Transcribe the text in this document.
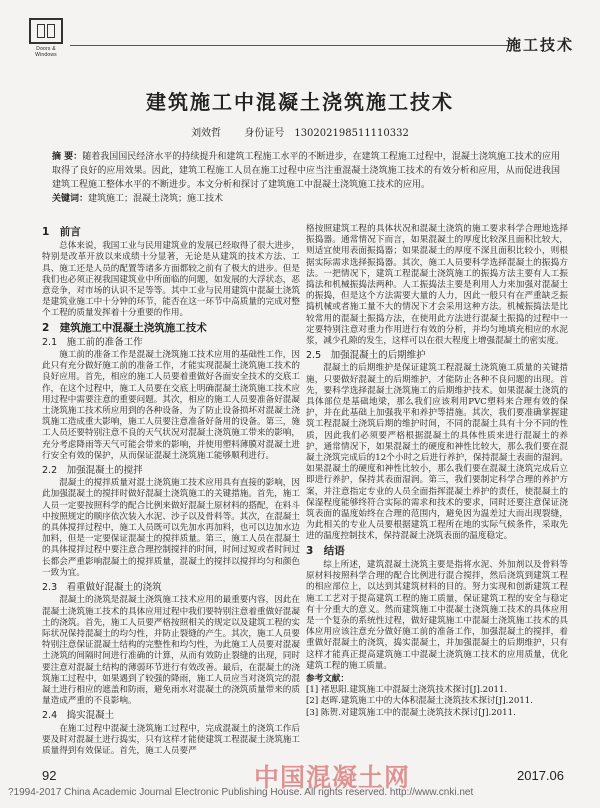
Doors & Windows
施工技术
建筑施工中混凝土浇筑施工技术
刘效哲 身份证号 130202198511110332
摘 要：随着我国国民经济水平的持续提升和建筑工程施工水平的不断进步，在建筑工程施工过程中，混凝土浇筑施工技术的应用取得了良好的应用效果。因此，建筑工程施工人员在施工过程中应当注重混凝土浇筑施工技术的有效分析和应用，从而促进我国建筑工程施工整体水平的不断进步。本文分析和探讨了建筑施工中混凝土浇筑施工技术的应用。
关键词：建筑施工；混凝土浇筑；施工技术
1　前言

总体来说，我国工业与民用建筑业的发展已经取得了很大进步，特别是改革开放以来成绩十分显著，无论是从建筑的技术方法、工具、施工还是人员的配置等诸多方面都较之前有了极大的进步。但是我们也必须正视我国建筑业中所面临的问题，如发展的大浮状态，恶意竞争，对市场的认识不足等等。其中工业与民用建筑中混凝土浇筑是建筑业施工中十分钟的环节，能否在这一环节中高质量的完成对整个工程的质量发挥着十分重要的作用。

2　建筑施工中混凝土浇筑施工技术
2.1　施工前的准备工作

施工前的准备工作是混凝土浇筑施工技术应用的基础性工作，因此只有充分做好施工前的准备工作，才能实现混凝土浇筑施工技术的良好应用。首先，相应的施工人员要着重做好各面安全技术的交底工作，在这个过程中，施工人员要在交底上明确混凝土浇筑施工技术应用过程中需要注意的重要问题。其次，相应的施工人员要准备好混凝土浇筑施工技术所应用到的各种设备，为了防止设备损坏对混凝土浇筑施工造成重大影响，施工人员要注意准备好备用的设备。第三，施工人员还要特别注意不良的天气状况对混凝土浇筑施工带来的影响，充分考虑降雨等天气可能会带来的影响，并使用塑料薄膜对混凝土进行安全有效的保护，从而保证混凝土浇筑施工能够顺利进行。

2.2　加强混凝土的搅拌

混凝土的搅拌质量对混土浇筑施工技术应用具有直接的影响，因此加强混凝土的搅拌时做好混凝土浇筑施工的关键措施。首先，施工人员一定要按照科学的配合比例来做好混凝土原材料的搭配，在料斗中按照规定的顺序依次装入水泥、沙子以及骨料等。其次，在混凝土的具体搅拌过程中，施工人员既可以先加水再加料，也可以边加水边加料，但是一定要保证混凝土的搅拌质量。第三，施工人员在混凝土的具体搅拌过程中要注意合理控制搅拌的时间，时间过短或者时间过长都会严重影响混凝土的搅拌质量，混凝土的搅拌以搅拌均匀和颜色一致为宜。

2.3　看重做好混凝土的浇筑

混凝土的浇筑是混凝土浇筑施工技术应用的最重要内容，因此在混凝土浇筑施工技术的具体应用过程中我们要特别注意着重做好混凝土的浇筑。首先，施工人员要严格按照相关的规定以及建筑工程的实际状况保持混凝土的均匀性，并防止裂缝的产生。其次，施工人员要特别注意保证混凝土结构的完整性和均匀性，为此施工人员要对混凝土浇筑的间隔时间进行准确的计算，从而有效防止裂缝的出现，同时要注意对混凝土结构的薄弱环节进行有效改善。最后，在混凝土的浇筑施工过程中，如果遇到了较强的降雨，施工人员应当对浇筑完的混凝土进行相应的遮盖和防雨，避免雨水对混凝土的浇筑质量带来的质量造成严重的不良影响。

2.4　捣实混凝土

在施工过程中混凝土浇筑施工过程中，完成混凝土的浇筑工作后要及时对混凝土进行捣实，只有这样才能使建筑工程混凝土浇筑施工质量得到有效保证。首先，施工人员要严

格按照建筑工程的具体状况和混凝土浇筑的施工要求科学合理地选择振捣器。通常情况下而言，如果混凝土的厚度比较深且面积比较大，则适宜使用表面振捣器；如果混凝土的厚度不深且面积比较小，则根据实际需求选择振捣器。其次，施工人员要科学选择混凝土的振捣方法。一把情况下，建筑工程混凝土浇筑施工的振捣方法主要有人工振捣法和机械振捣法两种。人工振捣法主要是利用人力来加强对混凝土的振捣，但是这个方法需要大量的人力，因此一般只有在严重缺乏振捣机械或者施工量不大的情况下才会采用这种方法。机械振捣法是比较常用的混凝土振捣方法，在使用此方法进行混凝土振捣的过程中一定要特别注意对重力作用进行有效的分析，并均匀地填充相应的水泥浆，减少孔隙的发生，这样可以在很大程度上增强混凝土的密实度。

2.5　加强混凝土的后期维护

混凝土的后期维护是保证建筑工程混凝土浇筑施工质量的关键措施，只要做好混凝土的后期维护，才能防止各种不良问题的出现。首先，要科学选择混凝土浇筑施工的后期维护技术。如果混凝土浇筑的具体部位是基础地梁，那么我们应该利用PVC塑料来合理有效的保护，并在此基础上加强我平和养护等措施。其次，我们要准确掌握建筑工程混凝土浇筑后期的维护时间，不同的混凝土具有十分不同的性质，因此我们必须要严格根据混凝土的具体性质来进行混凝土的养护，通常情况下，如果混凝土的硬度和神性比较大，那么我们要在混凝土浇筑完成后的12个小时之后进行养护，保持混凝土表面的湿润。如果混凝土的硬度和神性比较小，那么我们要在混凝土浇筑完成后立即进行养护，保持其表面湿润。第三，我们要制定科学合理的养护方案，并注意指定专业的人员全面指挥混凝土养护的责任，使混凝土的保湿程度能够终符合实际的需求和技术的要求，同时还要注意保证浇筑表面的温度始终在合理的范围内，避免因为温差过大而出现裂缝，为此相关的专业人员要根据建筑工程所在地的实际气候条件，采取先进的温度控制技术，保持混凝土浇筑表面的温度稳定。

3　结语

综上所述，建筑混凝土浇筑主要是指将水泥、外加剂以及骨料等原材料按照科学合理的配合比例进行混合搅拌，然后浇筑到建筑工程的相应部位上，以达到其建筑材料的目的。努力实现和创新建筑工程施工工艺对于提高建筑工程的施工质量，保证建筑工程的安全与稳定有十分重大的意义。然而建筑施工中混凝土浇筑施工技术的具体应用是一个复杂的系统性过程，做好建筑施工中混凝土浇筑施工技术的具体应用应该注意充分做好施工前的准备工作，加强混凝土的搅拌，着重做好混凝土的浇筑，捣实混凝土，并加强混凝土的后期维护，只有这样才能真正提高建筑施工中混凝土浇筑施工技术的应用质量，优化建筑工程的施工质量。

参考文献：

[1] 褚思阳.建筑施工中混凝土浇筑技术探讨[J].2011.

[2] 赵晖.建筑施工中的大体积混凝土浇筑技术探讨[J].2011.

[3] 陈贺.对建筑施工中的混凝土浇筑技术探讨[J].2011.

92	中国混凝土网	2017.06
?1994-2017 China Academic Journal Electronic Publishing House. All rights reserved. http://www.cnki.net
